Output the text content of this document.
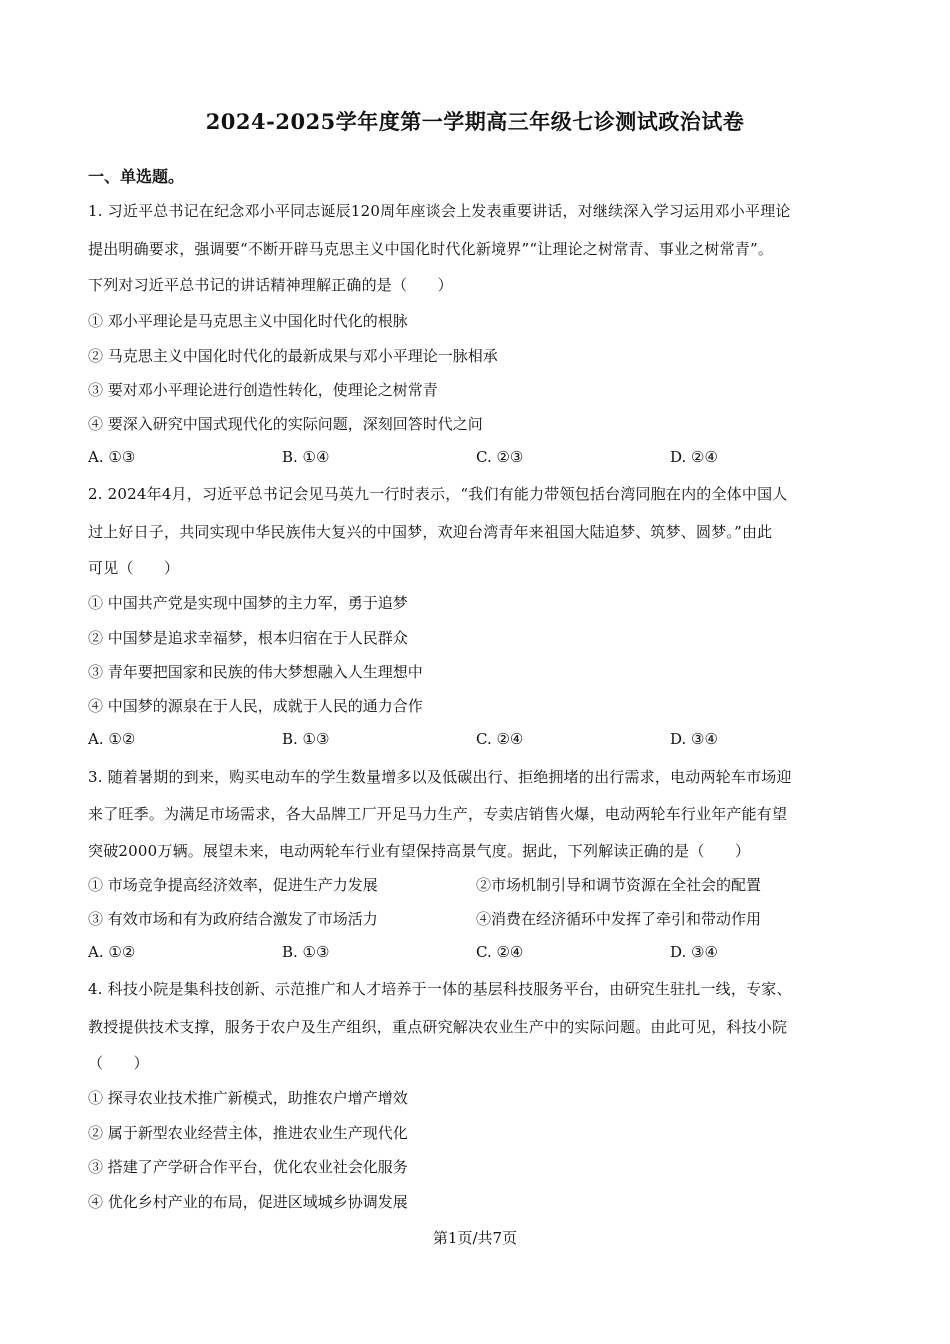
2024-2025学年度第一学期高三年级七诊测试政治试卷
一、单选题。
1. 习近平总书记在纪念邓小平同志诞辰120周年座谈会上发表重要讲话，对继续深入学习运用邓小平理论
提出明确要求，强调要“不断开辟马克思主义中国化时代化新境界”“让理论之树常青、事业之树常青”。
下列对习近平总书记的讲话精神理解正确的是（　　）
① 邓小平理论是马克思主义中国化时代化的根脉
② 马克思主义中国化时代化的最新成果与邓小平理论一脉相承
③ 要对邓小平理论进行创造性转化，使理论之树常青
④ 要深入研究中国式现代化的实际问题，深刻回答时代之问
A. ①③	B. ①④	C. ②③	D. ②④
2. 2024年4月，习近平总书记会见马英九一行时表示，“我们有能力带领包括台湾同胞在内的全体中国人
过上好日子，共同实现中华民族伟大复兴的中国梦，欢迎台湾青年来祖国大陆追梦、筑梦、圆梦。”由此
可见（　　）
① 中国共产党是实现中国梦的主力军，勇于追梦
② 中国梦是追求幸福梦，根本归宿在于人民群众
③ 青年要把国家和民族的伟大梦想融入人生理想中
④ 中国梦的源泉在于人民，成就于人民的通力合作
A. ①②	B. ①③	C. ②④	D. ③④
3. 随着暑期的到来，购买电动车的学生数量增多以及低碳出行、拒绝拥堵的出行需求，电动两轮车市场迎
来了旺季。为满足市场需求，各大品牌工厂开足马力生产，专卖店销售火爆，电动两轮车行业年产能有望
突破2000万辆。展望未来，电动两轮车行业有望保持高景气度。据此，下列解读正确的是（　　）
① 市场竞争提高经济效率，促进生产力发展	②市场机制引导和调节资源在全社会的配置
③ 有效市场和有为政府结合激发了市场活力	④消费在经济循环中发挥了牵引和带动作用
A. ①②	B. ①③	C. ②④	D. ③④
4. 科技小院是集科技创新、示范推广和人才培养于一体的基层科技服务平台，由研究生驻扎一线，专家、
教授提供技术支撑，服务于农户及生产组织，重点研究解决农业生产中的实际问题。由此可见，科技小院
（　　）
① 探寻农业技术推广新模式，助推农户增产增效
② 属于新型农业经营主体，推进农业生产现代化
③ 搭建了产学研合作平台，优化农业社会化服务
④ 优化乡村产业的布局，促进区域城乡协调发展
第1页/共7页
